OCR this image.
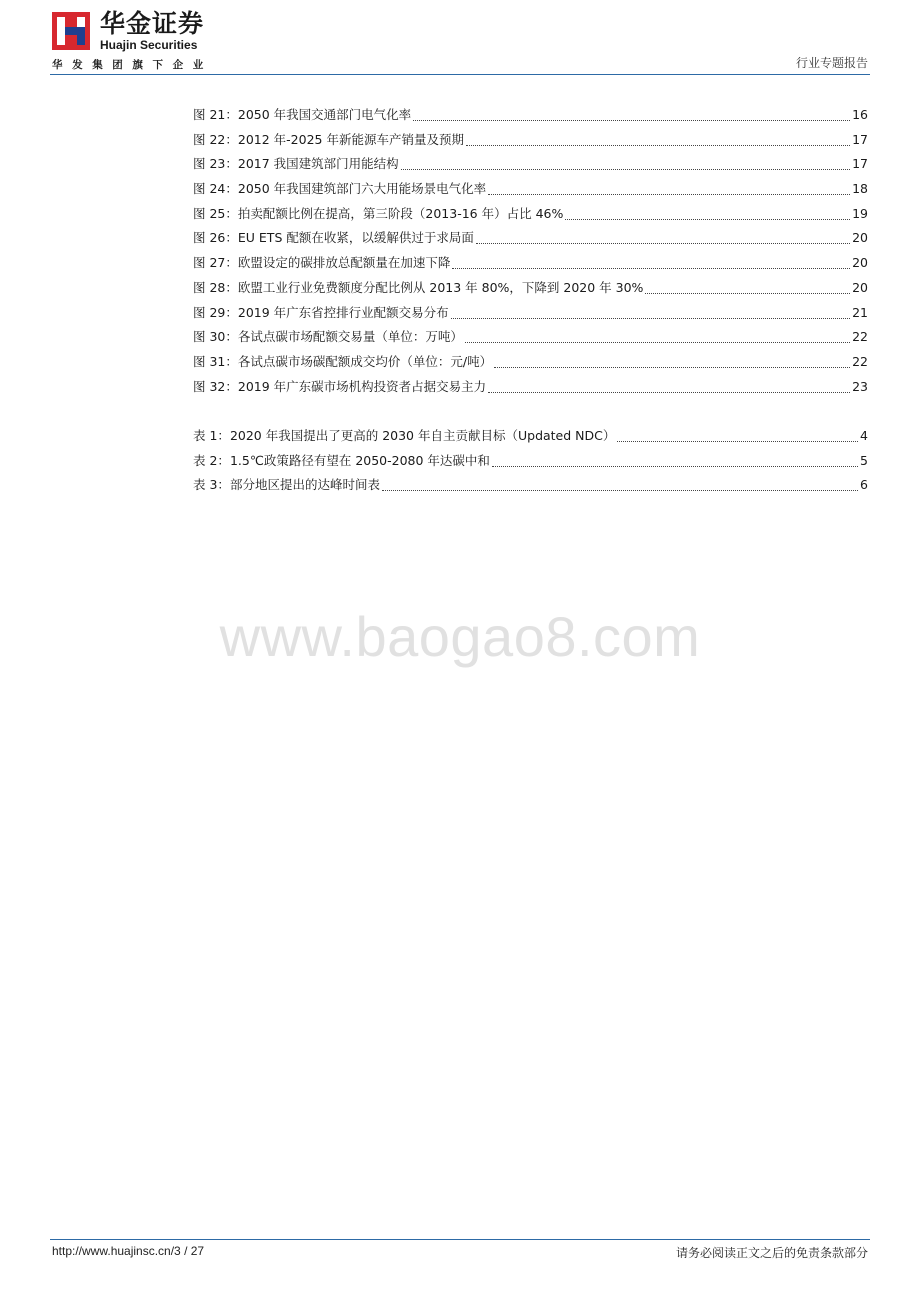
华金证券
Huajin Securities
华发集团旗下企业	行业专题报告
图 21： 2050 年我国交通部门电气化率	16
图 22： 2012 年-2025 年新能源车产销量及预期	17
图 23： 2017 我国建筑部门用能结构	17
图 24： 2050 年我国建筑部门六大用能场景电气化率	18
图 25： 拍卖配额比例在提高，第三阶段（2013-16 年）占比 46%	19
图 26： EU ETS 配额在收紧，以缓解供过于求局面	20
图 27： 欧盟设定的碳排放总配额量在加速下降	20
图 28： 欧盟工业行业免费额度分配比例从 2013 年 80%，下降到 2020 年 30%	20
图 29： 2019 年广东省控排行业配额交易分布	21
图 30： 各试点碳市场配额交易量（单位：万吨）	22
图 31： 各试点碳市场碳配额成交均价（单位：元/吨）	22
图 32： 2019 年广东碳市场机构投资者占据交易主力	23
表 1： 2020 年我国提出了更高的 2030 年自主贡献目标（Updated NDC）	4
表 2： 1.5℃政策路径有望在 2050-2080 年达碳中和	5
表 3： 部分地区提出的达峰时间表	6
www.baogao8.com
http://www.huajinsc.cn/3 / 27	请务必阅读正文之后的免责条款部分
